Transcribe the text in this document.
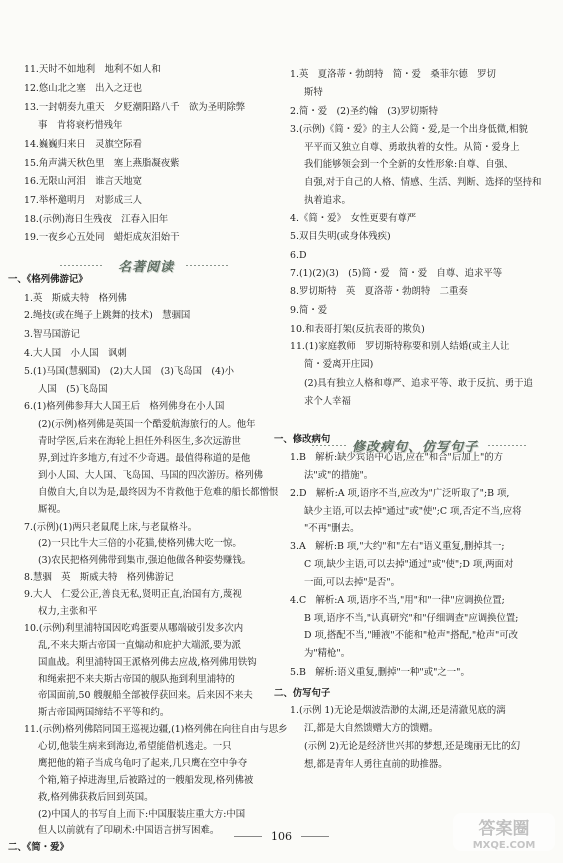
11.天时不如地利　地利不如人和
12.悠山北之塞　出入之迂也
13.一封朝奏九重天　夕贬潮阳路八千　欲为圣明除弊
事　肯将衰朽惜残年
14.巍巍归来日　灵旗空际看
15.角声满天秋色里　塞上燕脂凝夜紫
16.无限山河泪　谁言天地宽
17.举杯邀明月　对影成三人
18.(示例)海日生残夜　江春入旧年
19.一夜乡心五处同　蜡炬成灰泪始干
一、《格列佛游记》
1.英　斯威夫特　格列佛
2.绳技(或在绳子上跳舞的技术)　慧骃国
3.智马国游记
4.大人国　小人国　讽刺
5.(1)马国(慧骃国)　(2)大人国　(3)飞岛国　(4)小
人国　(5)飞岛国
6.(1)格列佛参拜大人国王后　格列佛身在小人国
(2)(示例)格列佛是英国一个酷爱航海旅行的人。他年
青时学医,后来在海轮上担任外科医生,多次远游世
界,到过许多地方,有过不少奇遇。最值得称道的是他
到小人国、大人国、飞岛国、马国的四次游历。格列佛
自傲自大,自以为是,最终因为不肯救他于危难的船长都憎恨
厮视。
7.(示例)(1)两只老鼠爬上床,与老鼠格斗。
(2)一只比牛大三倍的小花猫,使格列佛大吃一惊。
(3)农民把格列佛带到集市,强迫他做各种姿势赚钱。
8.慧骃　英　斯威夫特　格列佛游记
9.大人　仁爱公正,善良无私,贤明正直,治国有方,蔑视
权力,主张和平
10.(示例)利里浦特国因吃鸡蛋要从哪端破引发多次内
乱,不来夫斯古帝国一直煽动和庇护大端派,要为派
国血战。利里浦特国王派格列佛去应战,格列佛用铁钩
和绳索把不来夫斯古帝国的舰队拖到利里浦特的
帝国面前,50 艘舰船全部被俘获回来。后来因不来夫
斯古帝国两国缔结不平等和约。
11.(示例)格列佛陪同国王巡视边疆,(1)格列佛在向往自由与思乡
心切,他装生病来到海边,希望能借机逃走。一只
鹰把他的箱子当成乌龟叼了起来,几只鹰在空中争夺
个箱,箱子掉进海里,后被路过的一艘船发现,格列佛被
救,格列佛获救后回到英国。
(2)中国人的书写自上而下:中国服装庄重大方:中国
但人以前就有了印刷术:中国语言拼写困难。
二、《简・爱》
1.英　夏洛蒂・勃朗特　简・爱　桑菲尔德　罗切
斯特
2.简・爱　(2)圣约翰　(3)罗切斯特
3.(示例)《简・爱》的主人公简・爱,是一个出身低微,相貌
平平而又独立自尊、勇敢执着的女性。从简・爱身上
我们能够领会到一个全新的女性形象:自尊、自强、
自强,对于自己的人格、情感、生活、判断、选择的坚持和
执着追求。
4.《简・爱》　女性更要有尊严
5.双目失明(或身体残疾)
6.D
7.(1)(2)(3)　(5)简・爱　简・爱　自尊、追求平等
8.罗切斯特　英　夏洛蒂・勃朗特　二重奏
9.简・爱
10.和表哥打架(反抗表哥的欺负)
11.(1)家庭教师　罗切斯特称要和别人结婚(或主人让
简・爱离开庄园)
(2)具有独立人格和尊严、追求平等、敢于反抗、勇于追
求个人幸福
一、修改病句
1.B　解析:缺少宾语中心语,应在"和合"后加上"的方
法"或"的措施"。
2.D　解析:A 项,语序不当,应改为"广泛听取了";B 项,
缺少主语,可以去掉"通过"或"使";C 项,否定不当,应将
"不再"删去。
3.A　解析:B 项,"大约"和"左右"语义重复,删掉其一;
C 项,缺少主语,可以去掉"通过"或"使";D 项,两面对
一面,可以去掉"是否"。
4.C　解析:A 项,语序不当,"用"和"一律"应调换位置;
B 项,语序不当,"认真研究"和"仔细调查"应调换位置;
D 项,搭配不当,"睡液"不能和"枪声"搭配,"枪声"可改
为"精枪"。
5.B　解析:语义重复,删掉"一种"或"之一"。
二、仿写句子
1.(示例 1)无论是烟波浩渺的太湖,还是清澈见底的漓
江,都是大自然馈赠大方的馈赠。
(示例 2)无论是经济世兴邦的梦想,还是瑰丽无比的幻
想,都是青年人勇往直前的助推器。
名著阅读
修改病句、仿写句子
106	答案圈
MXQE.COM
